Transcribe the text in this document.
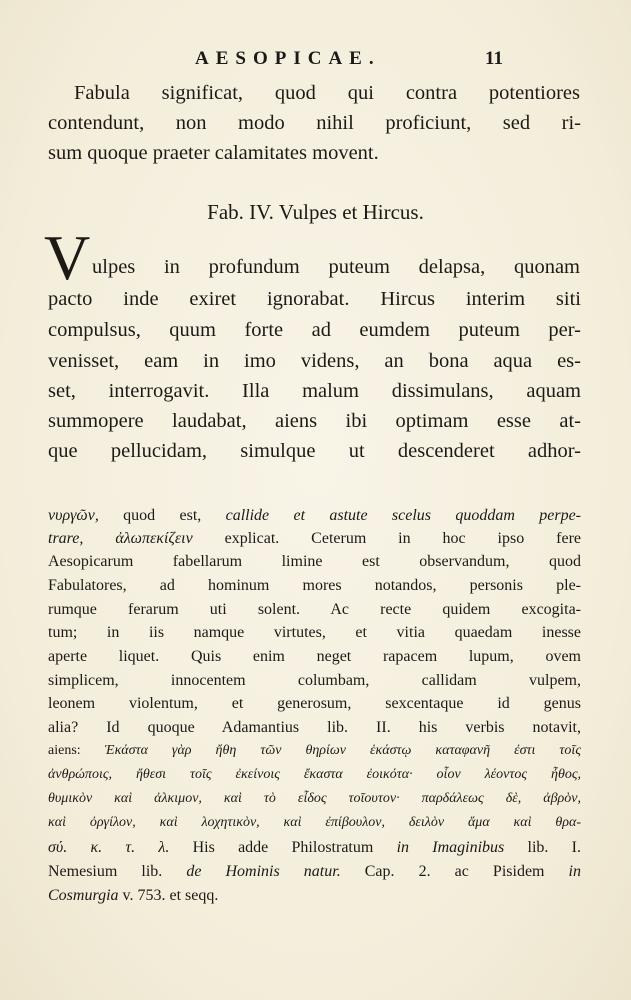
AESOPICAE.	11
Fabula significat, quod qui contra potentiores
contendunt, non modo nihil proficiunt, sed ri-
sum quoque praeter calamitates movent.
Fab. IV. Vulpes et Hircus.
V ulpes in profundum puteum delapsa, quonam
pacto inde exiret ignorabat. Hircus interim siti
compulsus, quum forte ad eumdem puteum per-
venisset, eam in imo videns, an bona aqua es-
set, interrogavit. Illa malum dissimulans, aquam
summopere laudabat, aiens ibi optimam esse at-
que pellucidam, simulque ut descenderet adhor-
νυργῶν, quod est, callide et astute scelus quoddam perpe-
trare, ἀλωπεκίζειν explicat. Ceterum in hoc ipso fere
Aesopicarum fabellarum limine est observandum, quod
Fabulatores, ad hominum mores notandos, personis ple-
rumque ferarum uti solent. Ac recte quidem excogita-
tum; in iis namque virtutes, et vitia quaedam inesse
aperte liquet. Quis enim neget rapacem lupum, ovem
simplicem, innocentem columbam, callidam vulpem,
leonem violentum, et generosum, sexcentaque id genus
alia? Id quoque Adamantius lib. II. his verbis notavit,
aiens: Ἑκάστα γὰρ ἤθη τῶν θηρίων ἑκάστῳ καταφανῆ ἐστι τοῖς
ἀνθρώποις, ἤθεσι τοῖς ἐκείνοις ἔκαστα ἐοικότα· οἷον λέοντος ἦθος,
θυμικὸν καὶ ἀλκιμον, καὶ τὸ εἶδος τοῖουτον· παρδάλεως δὲ, ἀβρὸν,
καὶ ὀργίλον, καὶ λοχητικὸν, καὶ ἐπίβουλον, δειλὸν ἅμα καὶ θρα-
σύ. κ. τ. λ. His adde Philostratum in Imaginibus lib. I.
Nemesium lib. de Hominis natur. Cap. 2. ac Pisidem in
Cosmurgia v. 753. et seqq.
